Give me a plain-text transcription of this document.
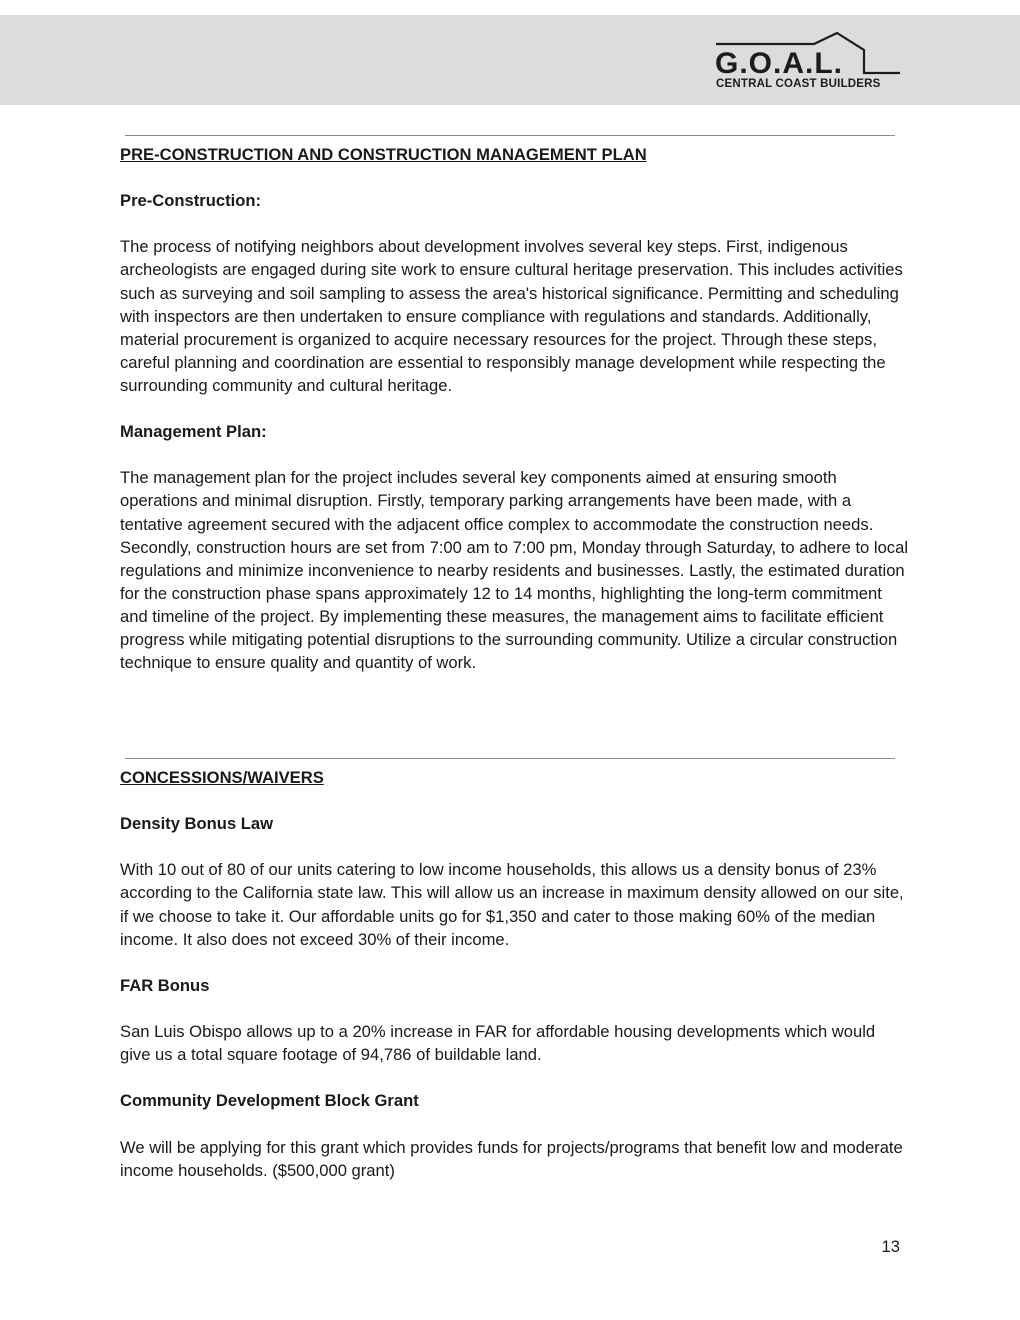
G.O.A.L.
CENTRAL COAST BUILDERS

PRE-CONSTRUCTION AND CONSTRUCTION MANAGEMENT PLAN

Pre-Construction:

The process of notifying neighbors about development involves several key steps. First, indigenous archeologists are engaged during site work to ensure cultural heritage preservation. This includes activities such as surveying and soil sampling to assess the area's historical significance. Permitting and scheduling with inspectors are then undertaken to ensure compliance with regulations and standards. Additionally, material procurement is organized to acquire necessary resources for the project. Through these steps, careful planning and coordination are essential to responsibly manage development while respecting the surrounding community and cultural heritage.

Management Plan:

The management plan for the project includes several key components aimed at ensuring smooth operations and minimal disruption. Firstly, temporary parking arrangements have been made, with a tentative agreement secured with the adjacent office complex to accommodate the construction needs. Secondly, construction hours are set from 7:00 am to 7:00 pm, Monday through Saturday, to adhere to local regulations and minimize inconvenience to nearby residents and businesses. Lastly, the estimated duration for the construction phase spans approximately 12 to 14 months, highlighting the long-term commitment and timeline of the project. By implementing these measures, the management aims to facilitate efficient progress while mitigating potential disruptions to the surrounding community. Utilize a circular construction technique to ensure quality and quantity of work.

CONCESSIONS/WAIVERS

Density Bonus Law

With 10 out of 80 of our units catering to low income households, this allows us a density bonus of 23% according to the California state law. This will allow us an increase in maximum density allowed on our site, if we choose to take it. Our affordable units go for $1,350 and cater to those making 60% of the median income. It also does not exceed 30% of their income.

FAR Bonus

San Luis Obispo allows up to a 20% increase in FAR for affordable housing developments which would give us a total square footage of 94,786 of buildable land.

Community Development Block Grant

We will be applying for this grant which provides funds for projects/programs that benefit low and moderate income households. ($500,000 grant)

13
